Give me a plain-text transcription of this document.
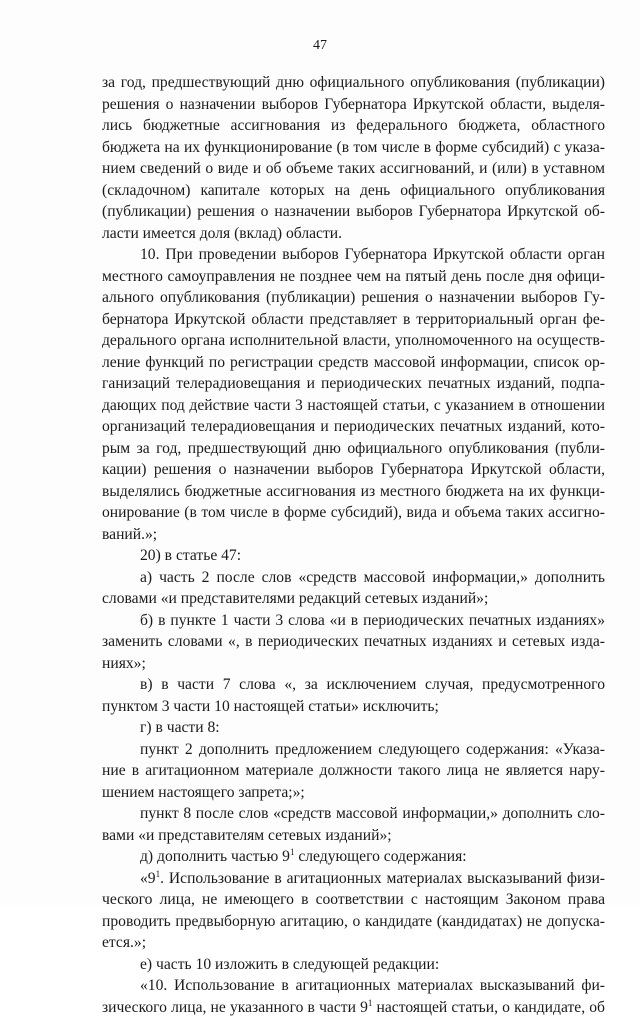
47
за год, предшествующий дню официального опубликования (публикации)
решения о назначении выборов Губернатора Иркутской области, выделя-
лись бюджетные ассигнования из федерального бюджета, областного
бюджета на их функционирование (в том числе в форме субсидий) с указа-
нием сведений о виде и об объеме таких ассигнований, и (или) в уставном
(складочном) капитале которых на день официального опубликования
(публикации) решения о назначении выборов Губернатора Иркутской об-
ласти имеется доля (вклад) области.
10. При проведении выборов Губернатора Иркутской области орган
местного самоуправления не позднее чем на пятый день после дня офици-
ального опубликования (публикации) решения о назначении выборов Гу-
бернатора Иркутской области представляет в территориальный орган фе-
дерального органа исполнительной власти, уполномоченного на осуществ-
ление функций по регистрации средств массовой информации, список ор-
ганизаций телерадиовещания и периодических печатных изданий, подпа-
дающих под действие части 3 настоящей статьи, с указанием в отношении
организаций телерадиовещания и периодических печатных изданий, кото-
рым за год, предшествующий дню официального опубликования (публи-
кации) решения о назначении выборов Губернатора Иркутской области,
выделялись бюджетные ассигнования из местного бюджета на их функци-
онирование (в том числе в форме субсидий), вида и объема таких ассигно-
ваний.»;
20) в статье 47:
а) часть 2 после слов «средств массовой информации,» дополнить
словами «и представителями редакций сетевых изданий»;
б) в пункте 1 части 3 слова «и в периодических печатных изданиях»
заменить словами «, в периодических печатных изданиях и сетевых изда-
ниях»;
в) в части 7 слова «, за исключением случая, предусмотренного
пунктом 3 части 10 настоящей статьи» исключить;
г) в части 8:
пункт 2 дополнить предложением следующего содержания: «Указа-
ние в агитационном материале должности такого лица не является нару-
шением настоящего запрета;»;
пункт 8 после слов «средств массовой информации,» дополнить сло-
вами «и представителям сетевых изданий»;
д) дополнить частью $9^1$ следующего содержания:
«$9^1$. Использование в агитационных материалах высказываний физи-
ческого лица, не имеющего в соответствии с настоящим Законом права
проводить предвыборную агитацию, о кандидате (кандидатах) не допуска-
ется.»;
е) часть 10 изложить в следующей редакции:
«10. Использование в агитационных материалах высказываний фи-
зического лица, не указанного в части $9^1$ настоящей статьи, о кандидате, об
